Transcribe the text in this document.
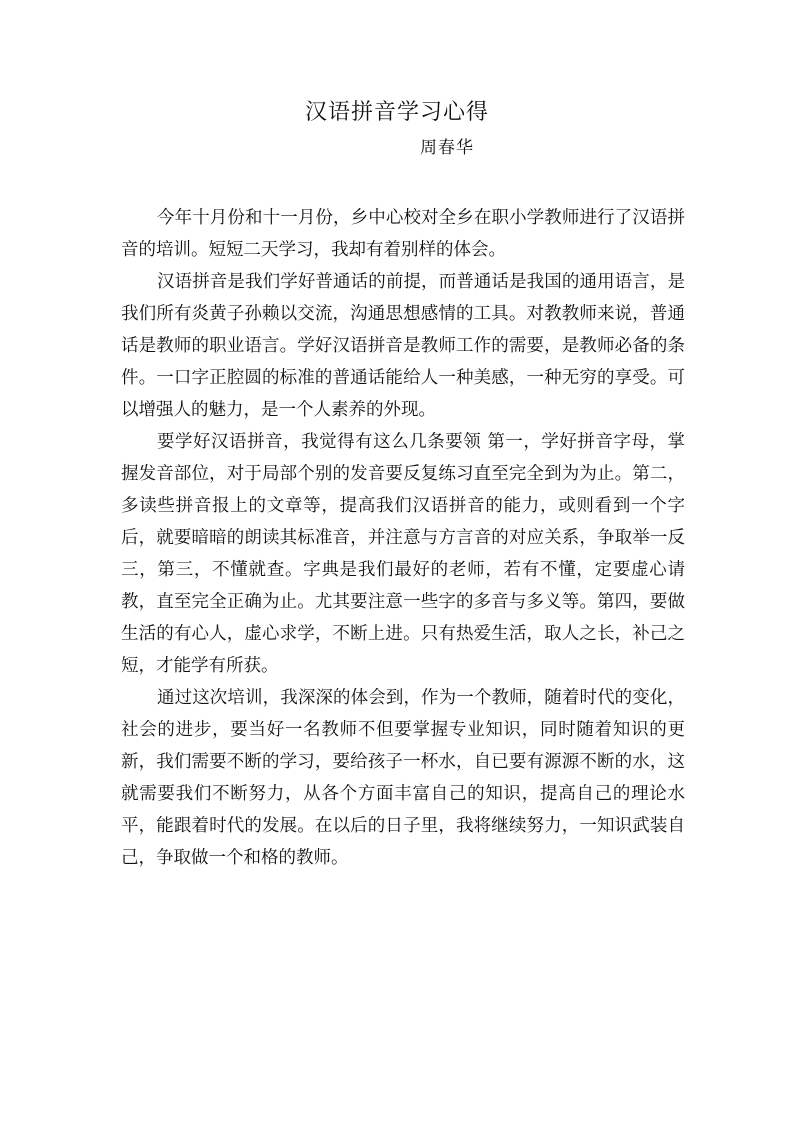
汉语拼音学习心得
周春华

今年十月份和十一月份，乡中心校对全乡在职小学教师进行了汉语拼音的培训。短短二天学习，我却有着别样的体会。

汉语拼音是我们学好普通话的前提，而普通话是我国的通用语言，是我们所有炎黄子孙赖以交流，沟通思想感情的工具。对教教师来说，普通话是教师的职业语言。学好汉语拼音是教师工作的需要，是教师必备的条件。一口字正腔圆的标准的普通话能给人一种美感，一种无穷的享受。可以增强人的魅力，是一个人素养的外现。

要学好汉语拼音，我觉得有这么几条要领 第一，学好拼音字母，掌握发音部位，对于局部个别的发音要反复练习直至完全到为为止。第二，多读些拼音报上的文章等，提高我们汉语拼音的能力，或则看到一个字后，就要暗暗的朗读其标准音，并注意与方言音的对应关系，争取举一反三，第三，不懂就查。字典是我们最好的老师，若有不懂，定要虚心请教，直至完全正确为止。尤其要注意一些字的多音与多义等。第四，要做生活的有心人，虚心求学，不断上进。只有热爱生活，取人之长，补己之短，才能学有所获。

通过这次培训，我深深的体会到，作为一个教师，随着时代的变化，社会的进步，要当好一名教师不但要掌握专业知识，同时随着知识的更新，我们需要不断的学习，要给孩子一杯水，自已要有源源不断的水，这就需要我们不断努力，从各个方面丰富自己的知识，提高自己的理论水平，能跟着时代的发展。在以后的日子里，我将继续努力，一知识武装自己，争取做一个和格的教师。
